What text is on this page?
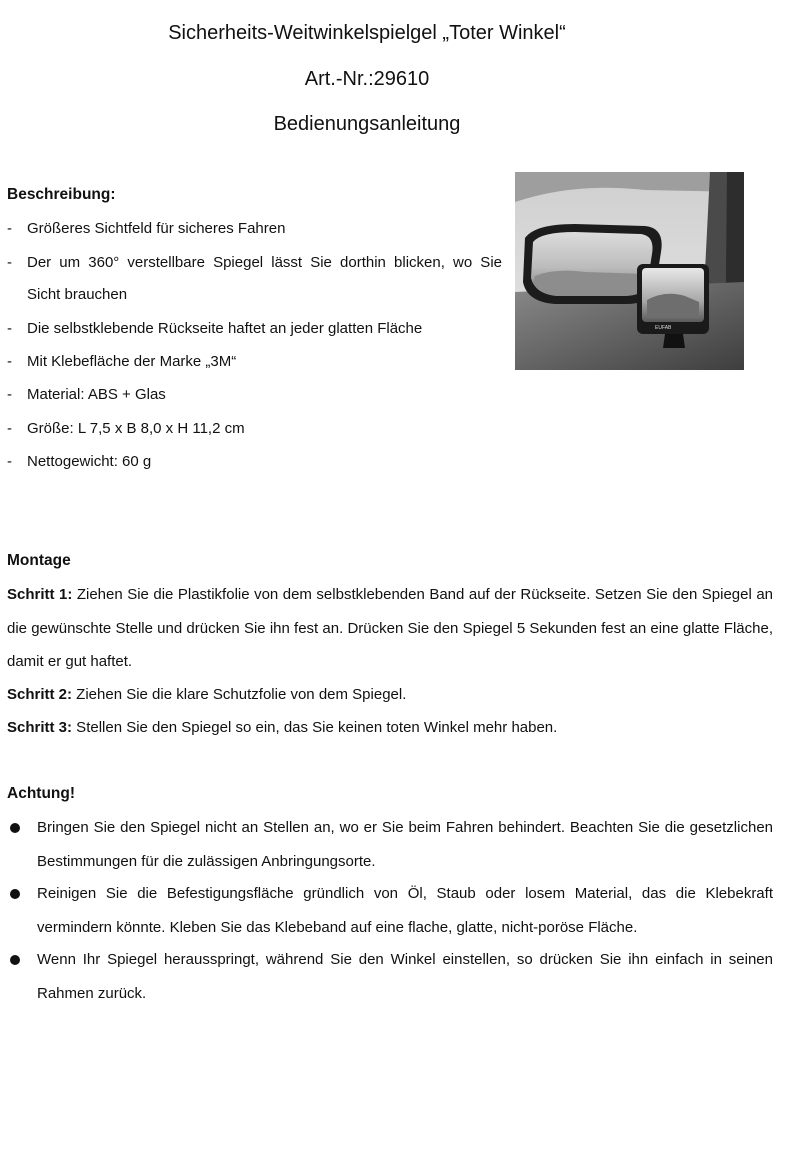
Sicherheits-Weitwinkelspielgel „Toter Winkel“
Art.-Nr.:29610
Bedienungsanleitung
Beschreibung:
- Größeres Sichtfeld für sicheres Fahren
- Der um 360° verstellbare Spiegel lässt Sie dorthin blicken, wo Sie
Sicht brauchen
- Die selbstklebende Rückseite haftet an jeder glatten Fläche
- Mit Klebefläche der Marke „3M“
- Material: ABS + Glas
- Größe: L 7,5 x B 8,0 x H 11,2 cm
- Nettogewicht: 60 g
EUFAB
Montage
Schritt 1: Ziehen Sie die Plastikfolie von dem selbstklebenden Band auf der Rückseite. Setzen Sie den Spiegel an die gewünschte Stelle und drücken Sie ihn fest an. Drücken Sie den Spiegel 5 Sekunden fest an eine glatte Fläche, damit er gut haftet.
Schritt 2: Ziehen Sie die klare Schutzfolie von dem Spiegel.
Schritt 3: Stellen Sie den Spiegel so ein, das Sie keinen toten Winkel mehr haben.
Achtung!
Bringen Sie den Spiegel nicht an Stellen an, wo er Sie beim Fahren behindert. Beachten Sie die gesetzlichen Bestimmungen für die zulässigen Anbringungsorte.
Reinigen Sie die Befestigungsfläche gründlich von Öl, Staub oder losem Material, das die Klebekraft vermindern könnte. Kleben Sie das Klebeband auf eine flache, glatte, nicht-poröse Fläche.
Wenn Ihr Spiegel herausspringt, während Sie den Winkel einstellen, so drücken Sie ihn einfach in seinen Rahmen zurück.
